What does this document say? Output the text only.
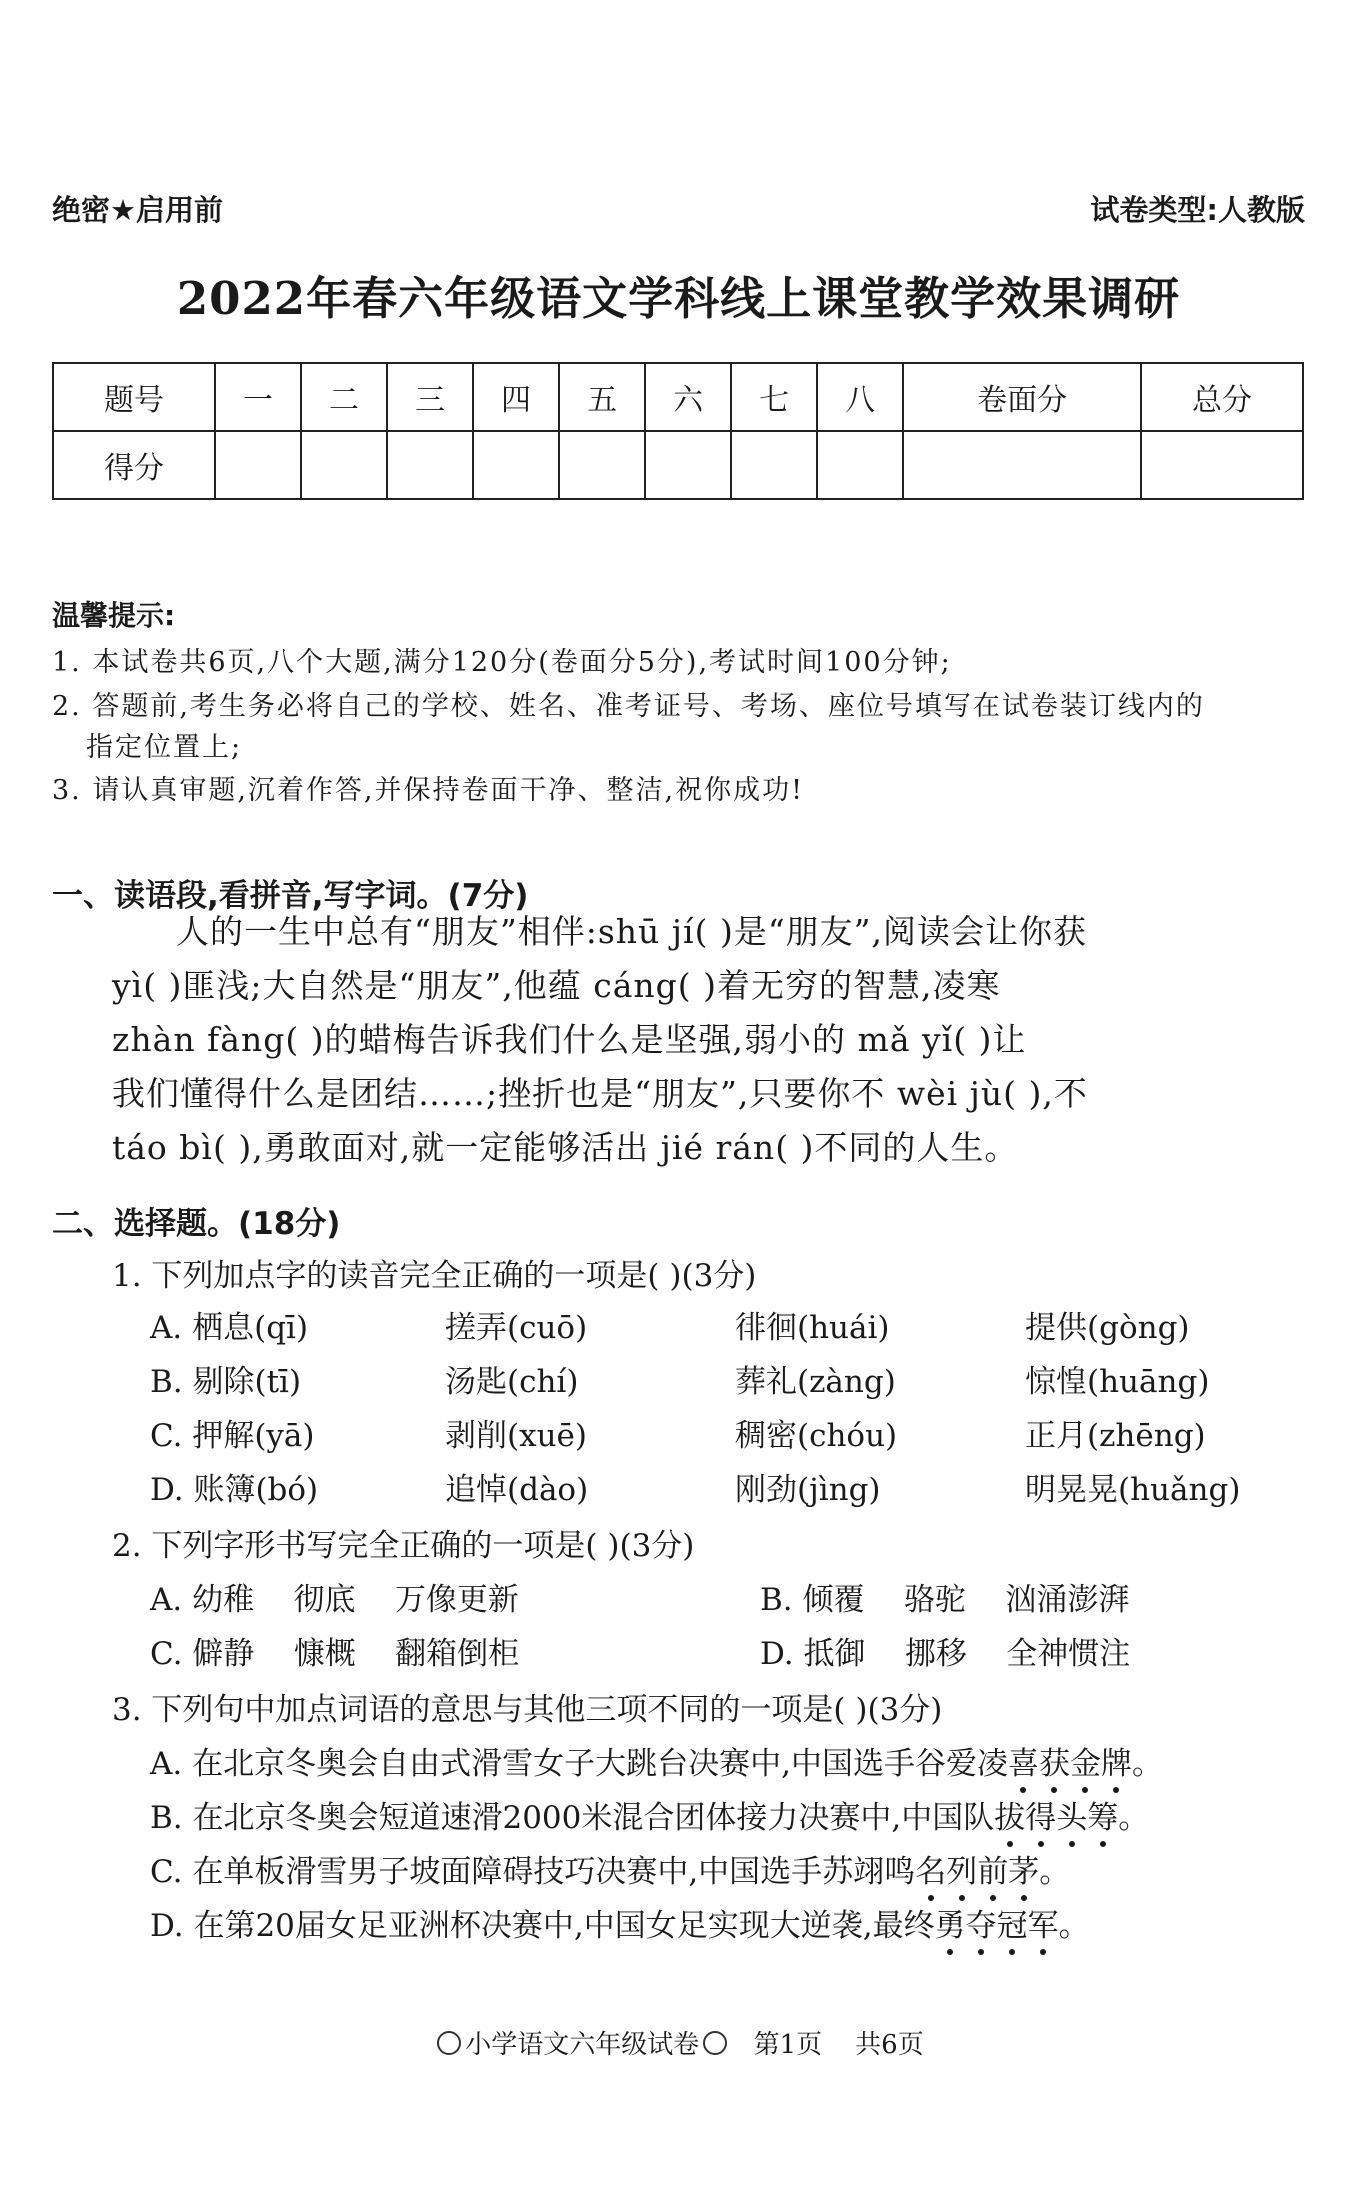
绝密★启用前	试卷类型:人教版
2022年春六年级语文学科线上课堂教学效果调研
题号	一	二	三	四	五	六	七	八	卷面分	总分
得分										
温馨提示:
1. 本试卷共6页,八个大题,满分120分(卷面分5分),考试时间100分钟;
2. 答题前,考生务必将自己的学校、姓名、准考证号、考场、座位号填写在试卷装订线内的
指定位置上;
3. 请认真审题,沉着作答,并保持卷面干净、整洁,祝你成功!
一、读语段,看拼音,写字词。(7分)
人的一生中总有“朋友”相伴:shū jí( )是“朋友”,阅读会让你获
yì( )匪浅;大自然是“朋友”,他蕴 cáng( )着无穷的智慧,凌寒
zhàn fàng( )的蜡梅告诉我们什么是坚强,弱小的 mǎ yǐ( )让
我们懂得什么是团结……;挫折也是“朋友”,只要你不 wèi jù( ),不
táo bì( ),勇敢面对,就一定能够活出 jié rán( )不同的人生。
二、选择题。(18分)
1. 下列加点字的读音完全正确的一项是( )(3分)
A. 栖息(qī)	搓弄(cuō)	徘徊(huái)	提供(gòng)
B. 剔除(tī)	汤匙(chí)	葬礼(zàng)	惊惶(huāng)
C. 押解(yā)	剥削(xuē)	稠密(chóu)	正月(zhēng)
D. 账簿(bó)	追悼(dào)	刚劲(jìng)	明晃晃(huǎng)
2. 下列字形书写完全正确的一项是( )(3分)
A. 幼稚    彻底    万像更新	B. 倾覆    骆驼    汹涌澎湃
C. 僻静    慷概    翻箱倒柜	D. 抵御    挪移    全神惯注
3. 下列句中加点词语的意思与其他三项不同的一项是( )(3分)
A. 在北京冬奥会自由式滑雪女子大跳台决赛中,中国选手谷爱凌喜获金牌。
B. 在北京冬奥会短道速滑2000米混合团体接力决赛中,中国队拔得头筹。
C. 在单板滑雪男子坡面障碍技巧决赛中,中国选手苏翊鸣名列前茅。
D. 在第20届女足亚洲杯决赛中,中国女足实现大逆袭,最终勇夺冠军。
小学语文六年级试卷 第1页    共6页
